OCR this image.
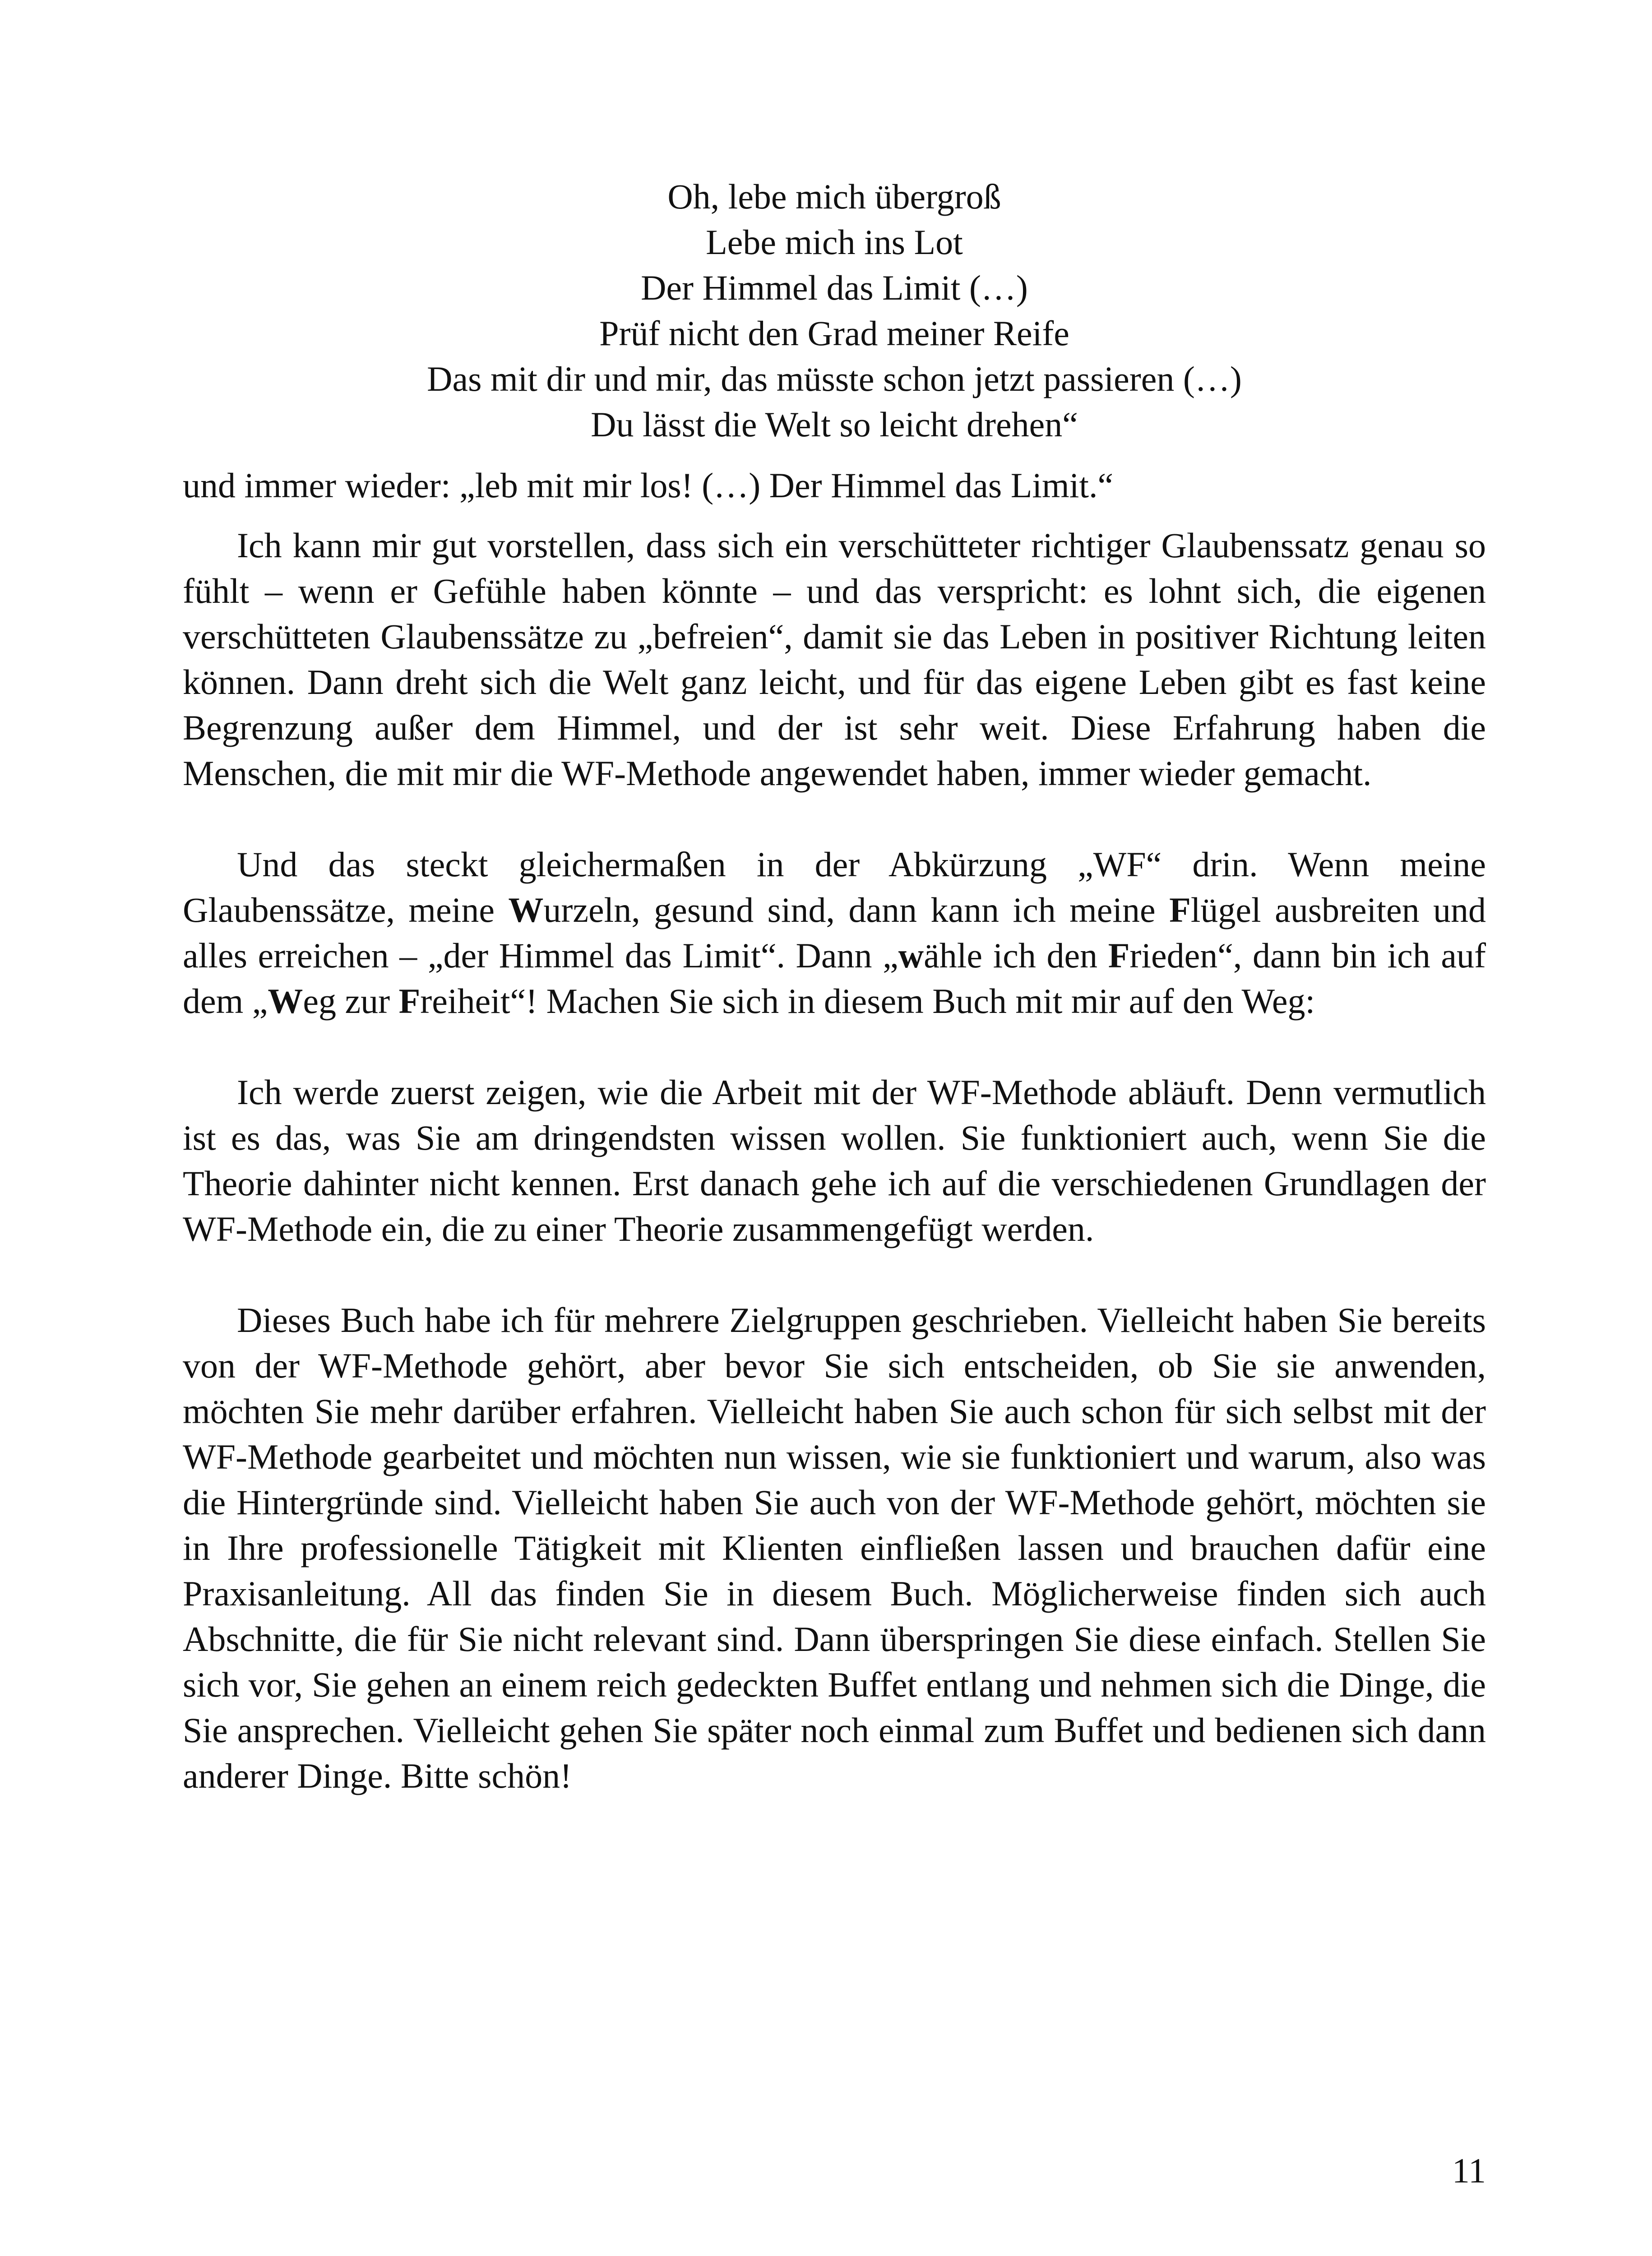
Oh, lebe mich übergroß
Lebe mich ins Lot
Der Himmel das Limit (…)
Prüf nicht den Grad meiner Reife
Das mit dir und mir, das müsste schon jetzt passieren (…)
Du lässt die Welt so leicht drehen“

und immer wieder: „leb mit mir los! (…) Der Himmel das Limit.“

Ich kann mir gut vorstellen, dass sich ein verschütteter richtiger Glaubenssatz genau so fühlt – wenn er Gefühle haben könnte – und das verspricht: es lohnt sich, die eigenen verschütteten Glaubenssätze zu „befreien“, damit sie das Leben in positiver Richtung leiten können. Dann dreht sich die Welt ganz leicht, und für das eigene Leben gibt es fast keine Begrenzung außer dem Himmel, und der ist sehr weit. Diese Erfahrung haben die Menschen, die mit mir die WF-Methode angewendet haben, immer wieder gemacht.

Und das steckt gleichermaßen in der Abkürzung „WF“ drin. Wenn meine Glaubenssätze, meine Wurzeln, gesund sind, dann kann ich meine Flügel ausbreiten und alles erreichen – „der Himmel das Limit“. Dann „wähle ich den Frieden“, dann bin ich auf dem „Weg zur Freiheit“! Machen Sie sich in diesem Buch mit mir auf den Weg:

Ich werde zuerst zeigen, wie die Arbeit mit der WF-Methode abläuft. Denn vermutlich ist es das, was Sie am dringendsten wissen wollen. Sie funktioniert auch, wenn Sie die Theorie dahinter nicht kennen. Erst danach gehe ich auf die verschiedenen Grundlagen der WF-Methode ein, die zu einer Theorie zusammengefügt werden.

Dieses Buch habe ich für mehrere Zielgruppen geschrieben. Vielleicht haben Sie bereits von der WF-Methode gehört, aber bevor Sie sich entscheiden, ob Sie sie anwenden, möchten Sie mehr darüber erfahren. Vielleicht haben Sie auch schon für sich selbst mit der WF-Methode gearbeitet und möchten nun wissen, wie sie funktioniert und warum, also was die Hintergründe sind. Vielleicht haben Sie auch von der WF-Methode gehört, möchten sie in Ihre professionelle Tätigkeit mit Klienten einfließen lassen und brauchen dafür eine Praxisanleitung. All das finden Sie in diesem Buch. Möglicherweise finden sich auch Abschnitte, die für Sie nicht relevant sind. Dann überspringen Sie diese einfach. Stellen Sie sich vor, Sie gehen an einem reich gedeckten Buffet entlang und nehmen sich die Dinge, die Sie ansprechen. Vielleicht gehen Sie später noch einmal zum Buffet und bedienen sich dann anderer Dinge. Bitte schön!

11
